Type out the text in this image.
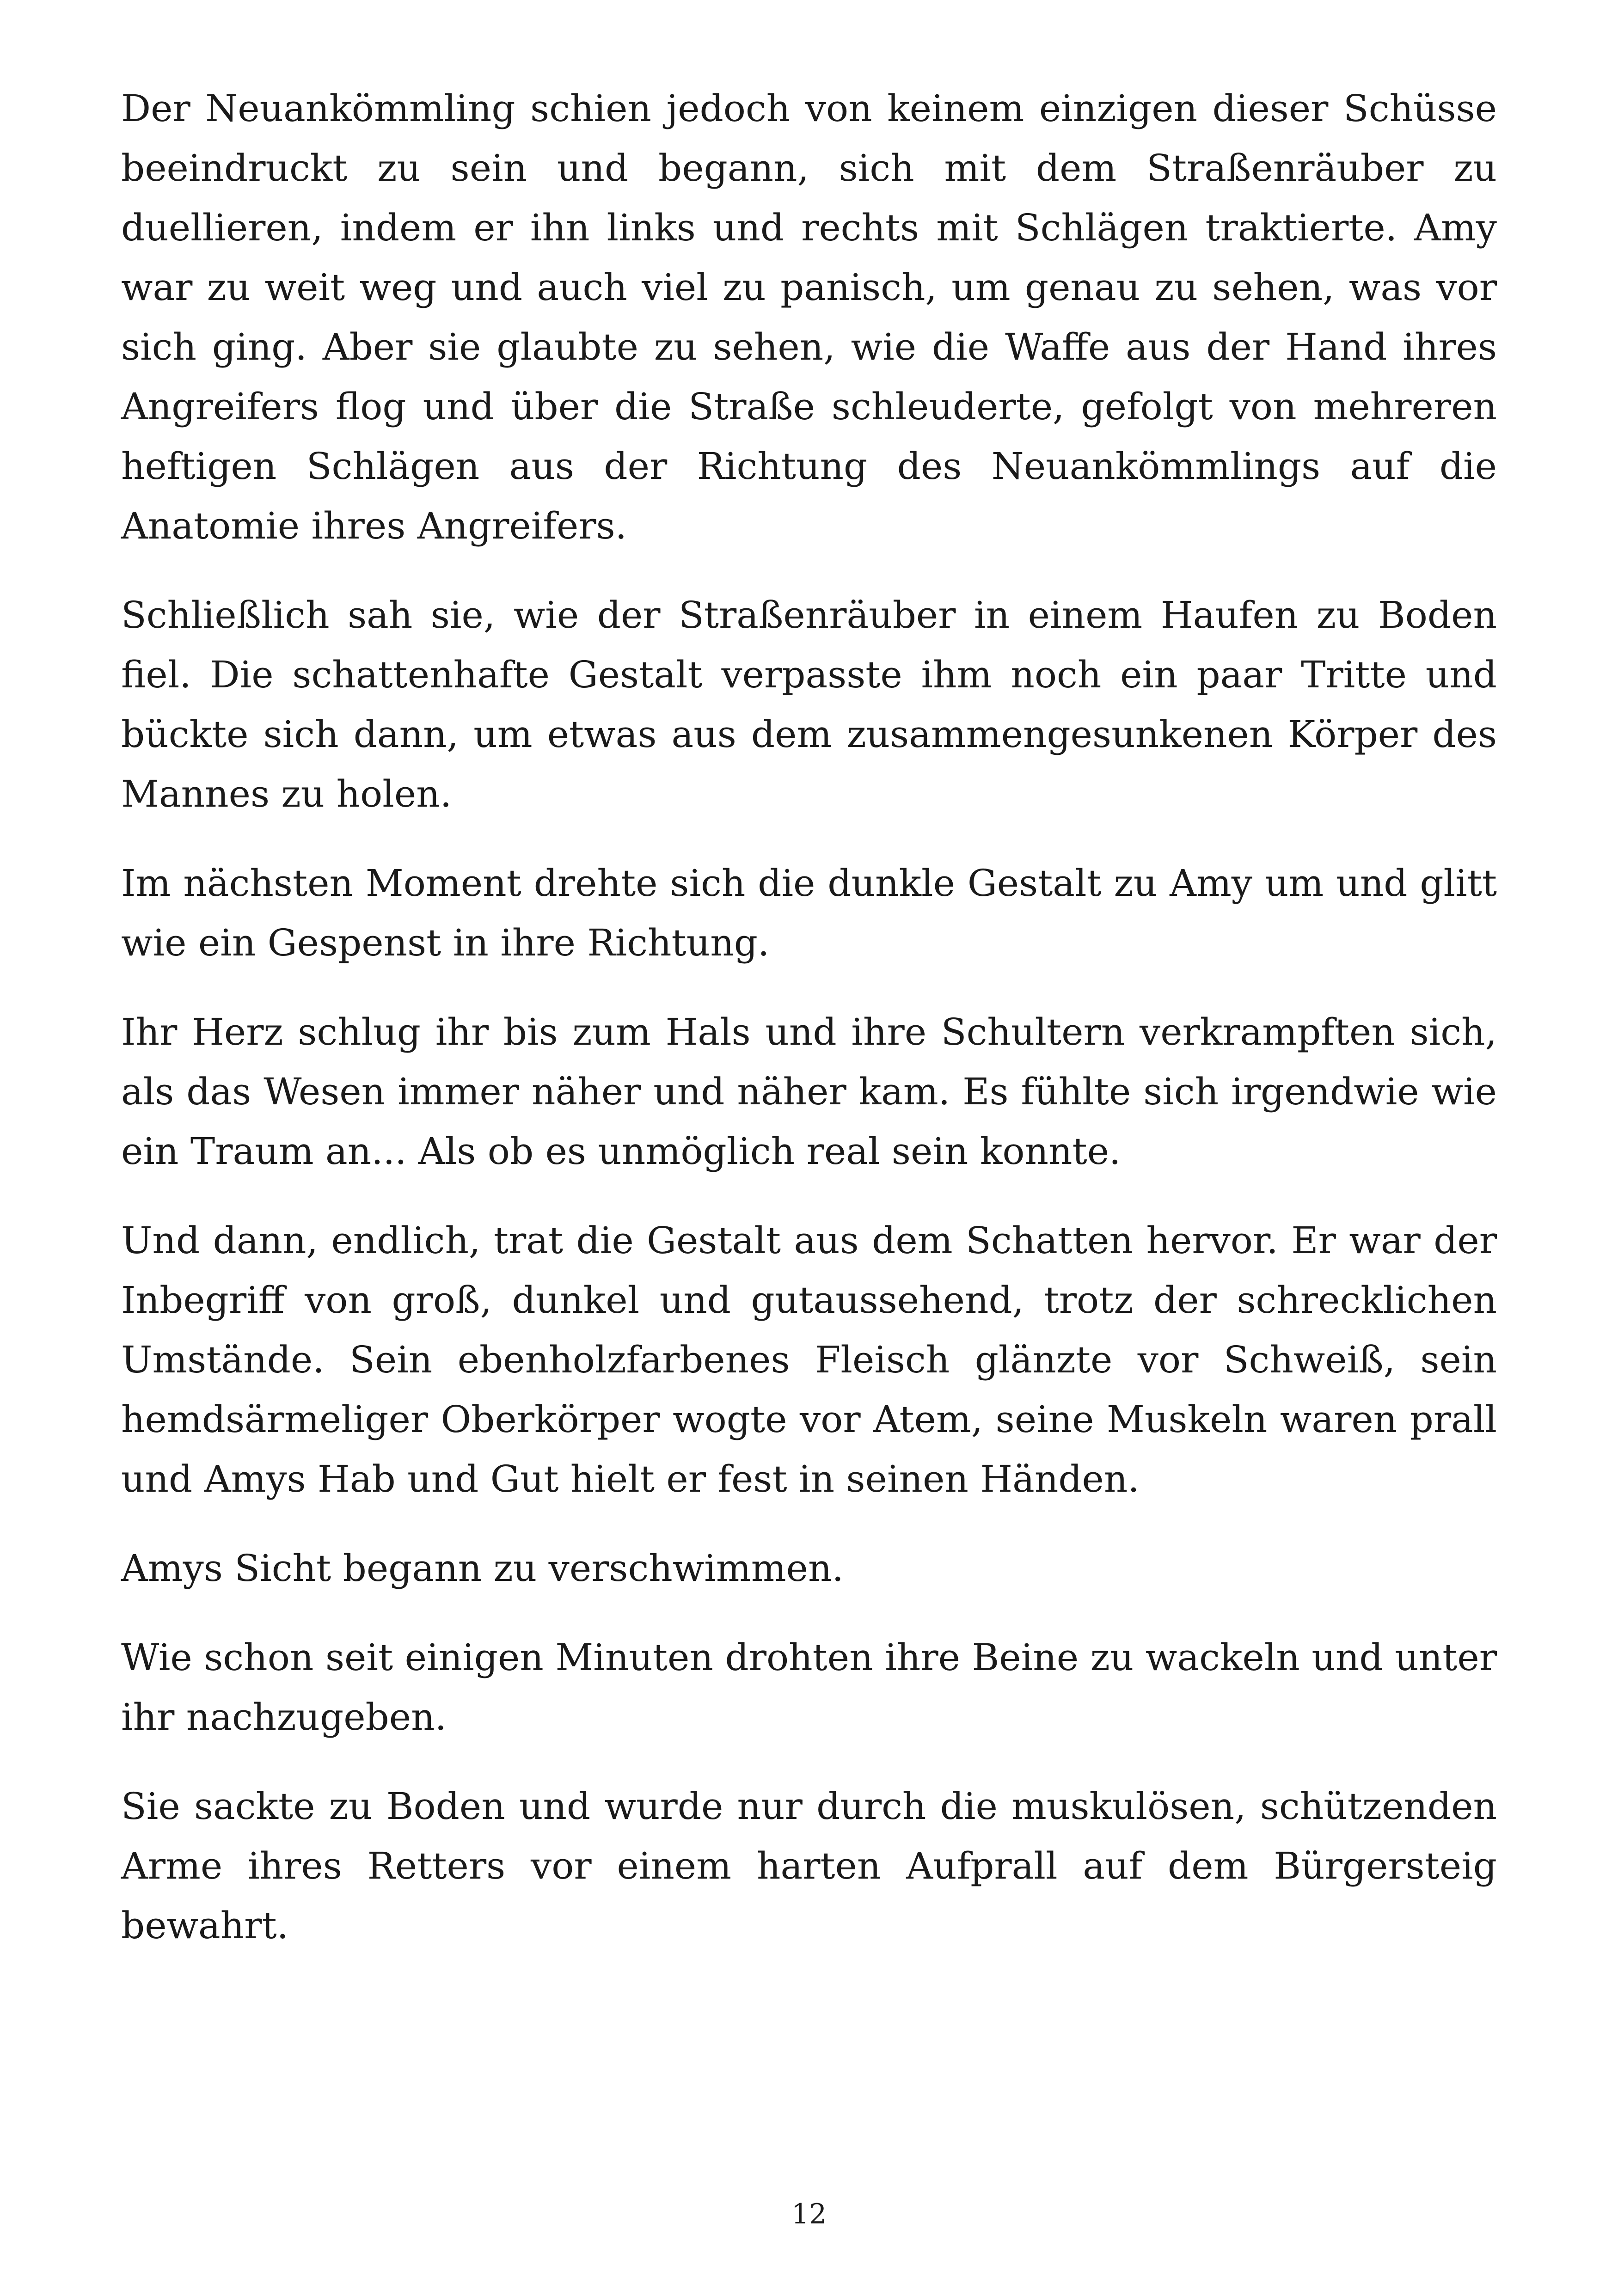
Der Neuankömmling schien jedoch von keinem einzigen dieser Schüsse beeindruckt zu sein und begann, sich mit dem Straßenräuber zu duellieren, indem er ihn links und rechts mit Schlägen traktierte. Amy war zu weit weg und auch viel zu panisch, um genau zu sehen, was vor sich ging. Aber sie glaubte zu sehen, wie die Waffe aus der Hand ihres Angreifers flog und über die Straße schleuderte, gefolgt von mehreren heftigen Schlägen aus der Richtung des Neuankömmlings auf die Anatomie ihres Angreifers.

Schließlich sah sie, wie der Straßenräuber in einem Haufen zu Boden fiel. Die schattenhafte Gestalt verpasste ihm noch ein paar Tritte und bückte sich dann, um etwas aus dem zusammengesunkenen Körper des Mannes zu holen.

Im nächsten Moment drehte sich die dunkle Gestalt zu Amy um und glitt wie ein Gespenst in ihre Richtung.

Ihr Herz schlug ihr bis zum Hals und ihre Schultern verkrampften sich, als das Wesen immer näher und näher kam. Es fühlte sich irgendwie wie ein Traum an... Als ob es unmöglich real sein konnte.

Und dann, endlich, trat die Gestalt aus dem Schatten hervor. Er war der Inbegriff von groß, dunkel und gutaussehend, trotz der schrecklichen Umstände. Sein ebenholzfarbenes Fleisch glänzte vor Schweiß, sein hemdsärmeliger Oberkörper wogte vor Atem, seine Muskeln waren prall und Amys Hab und Gut hielt er fest in seinen Händen.

Amys Sicht begann zu verschwimmen.

Wie schon seit einigen Minuten drohten ihre Beine zu wackeln und unter ihr nachzugeben.

Sie sackte zu Boden und wurde nur durch die muskulösen, schützenden Arme ihres Retters vor einem harten Aufprall auf dem Bürgersteig bewahrt.

12
